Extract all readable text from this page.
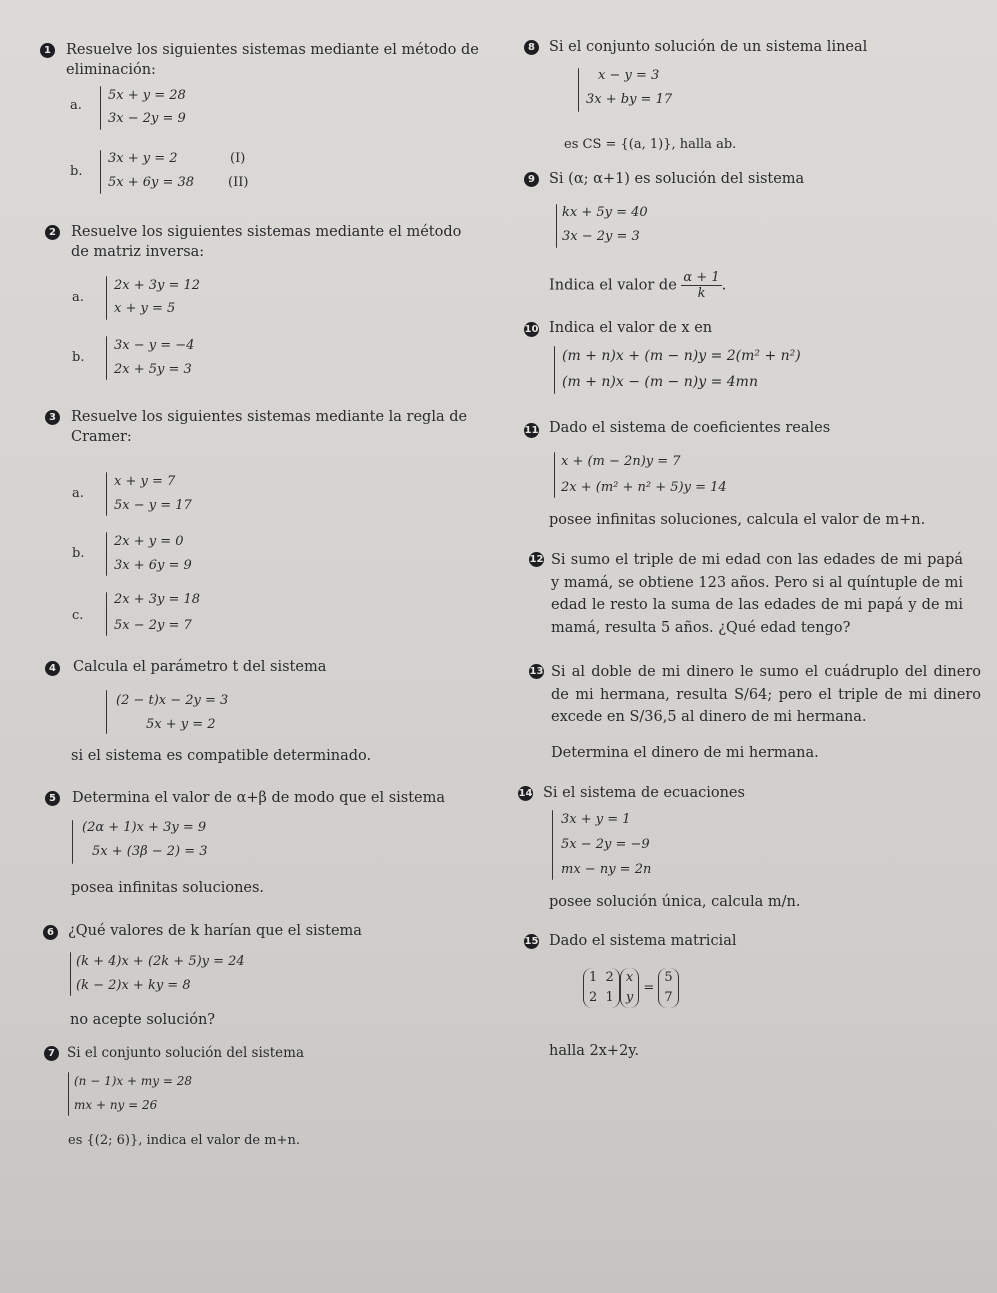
1 Resuelve los siguientes sistemas mediante el método de eliminación:
a.
5x + y = 28
3x − 2y = 9
b.
3x + y = 2
5x + 6y = 38
(I)
(II)
2 Resuelve los siguientes sistemas mediante el método de matriz inversa:
a.
2x + 3y = 12
x + y = 5
b.
3x − y = −4
2x + 5y = 3
3 Resuelve los siguientes sistemas mediante la regla de Cramer:
a.
x + y = 7
5x − y = 17
b.
2x + y = 0
3x + 6y = 9
c.
2x + 3y = 18
5x − 2y = 7
4 Calcula el parámetro t del sistema
(2 − t)x − 2y = 3
5x + y = 2
si el sistema es compatible determinado.
5 Determina el valor de α+β de modo que el sistema
(2α + 1)x + 3y = 9
5x + (3β − 2) = 3
posea infinitas soluciones.
6 ¿Qué valores de k harían que el sistema
(k + 4)x + (2k + 5)y = 24
(k − 2)x + ky = 8
no acepte solución?
7 Si el conjunto solución del sistema
(n − 1)x + my = 28
mx + ny = 26
es {(2; 6)}, indica el valor de m+n.
8 Si el conjunto solución de un sistema lineal
x − y = 3
3x + by = 17
es CS = {(a, 1)}, halla ab.
9 Si (α; α+1) es solución del sistema
kx + 5y = 40
3x − 2y = 3
Indica el valor de $\frac{\alpha + 1}{k}$ .
10 Indica el valor de x en
(m + n)x + (m − n)y = 2(m² + n²)
(m + n)x − (m − n)y = 4mn
11 Dado el sistema de coeficientes reales
x + (m − 2n)y = 7
2x + (m² + n² + 5)y = 14
posee infinitas soluciones, calcula el valor de m+n.
12 Si sumo el triple de mi edad con las edades de mi papá y mamá, se obtiene 123 años. Pero si al quíntuple de mi edad le resto la suma de las edades de mi papá y de mi mamá, resulta 5 años. ¿Qué edad tengo?
13 Si al doble de mi dinero le sumo el cuádruplo del dinero de mi hermana, resulta S/64; pero el triple de mi dinero excede en S/36,5 al dinero de mi hermana.
Determina el dinero de mi hermana.
14 Si el sistema de ecuaciones
3x + y = 1
5x − 2y = −9
mx − ny = 2n
posee solución única, calcula m/n.
15 Dado el sistema matricial
1 2
2 1x
y = 5
7
halla 2x+2y.
